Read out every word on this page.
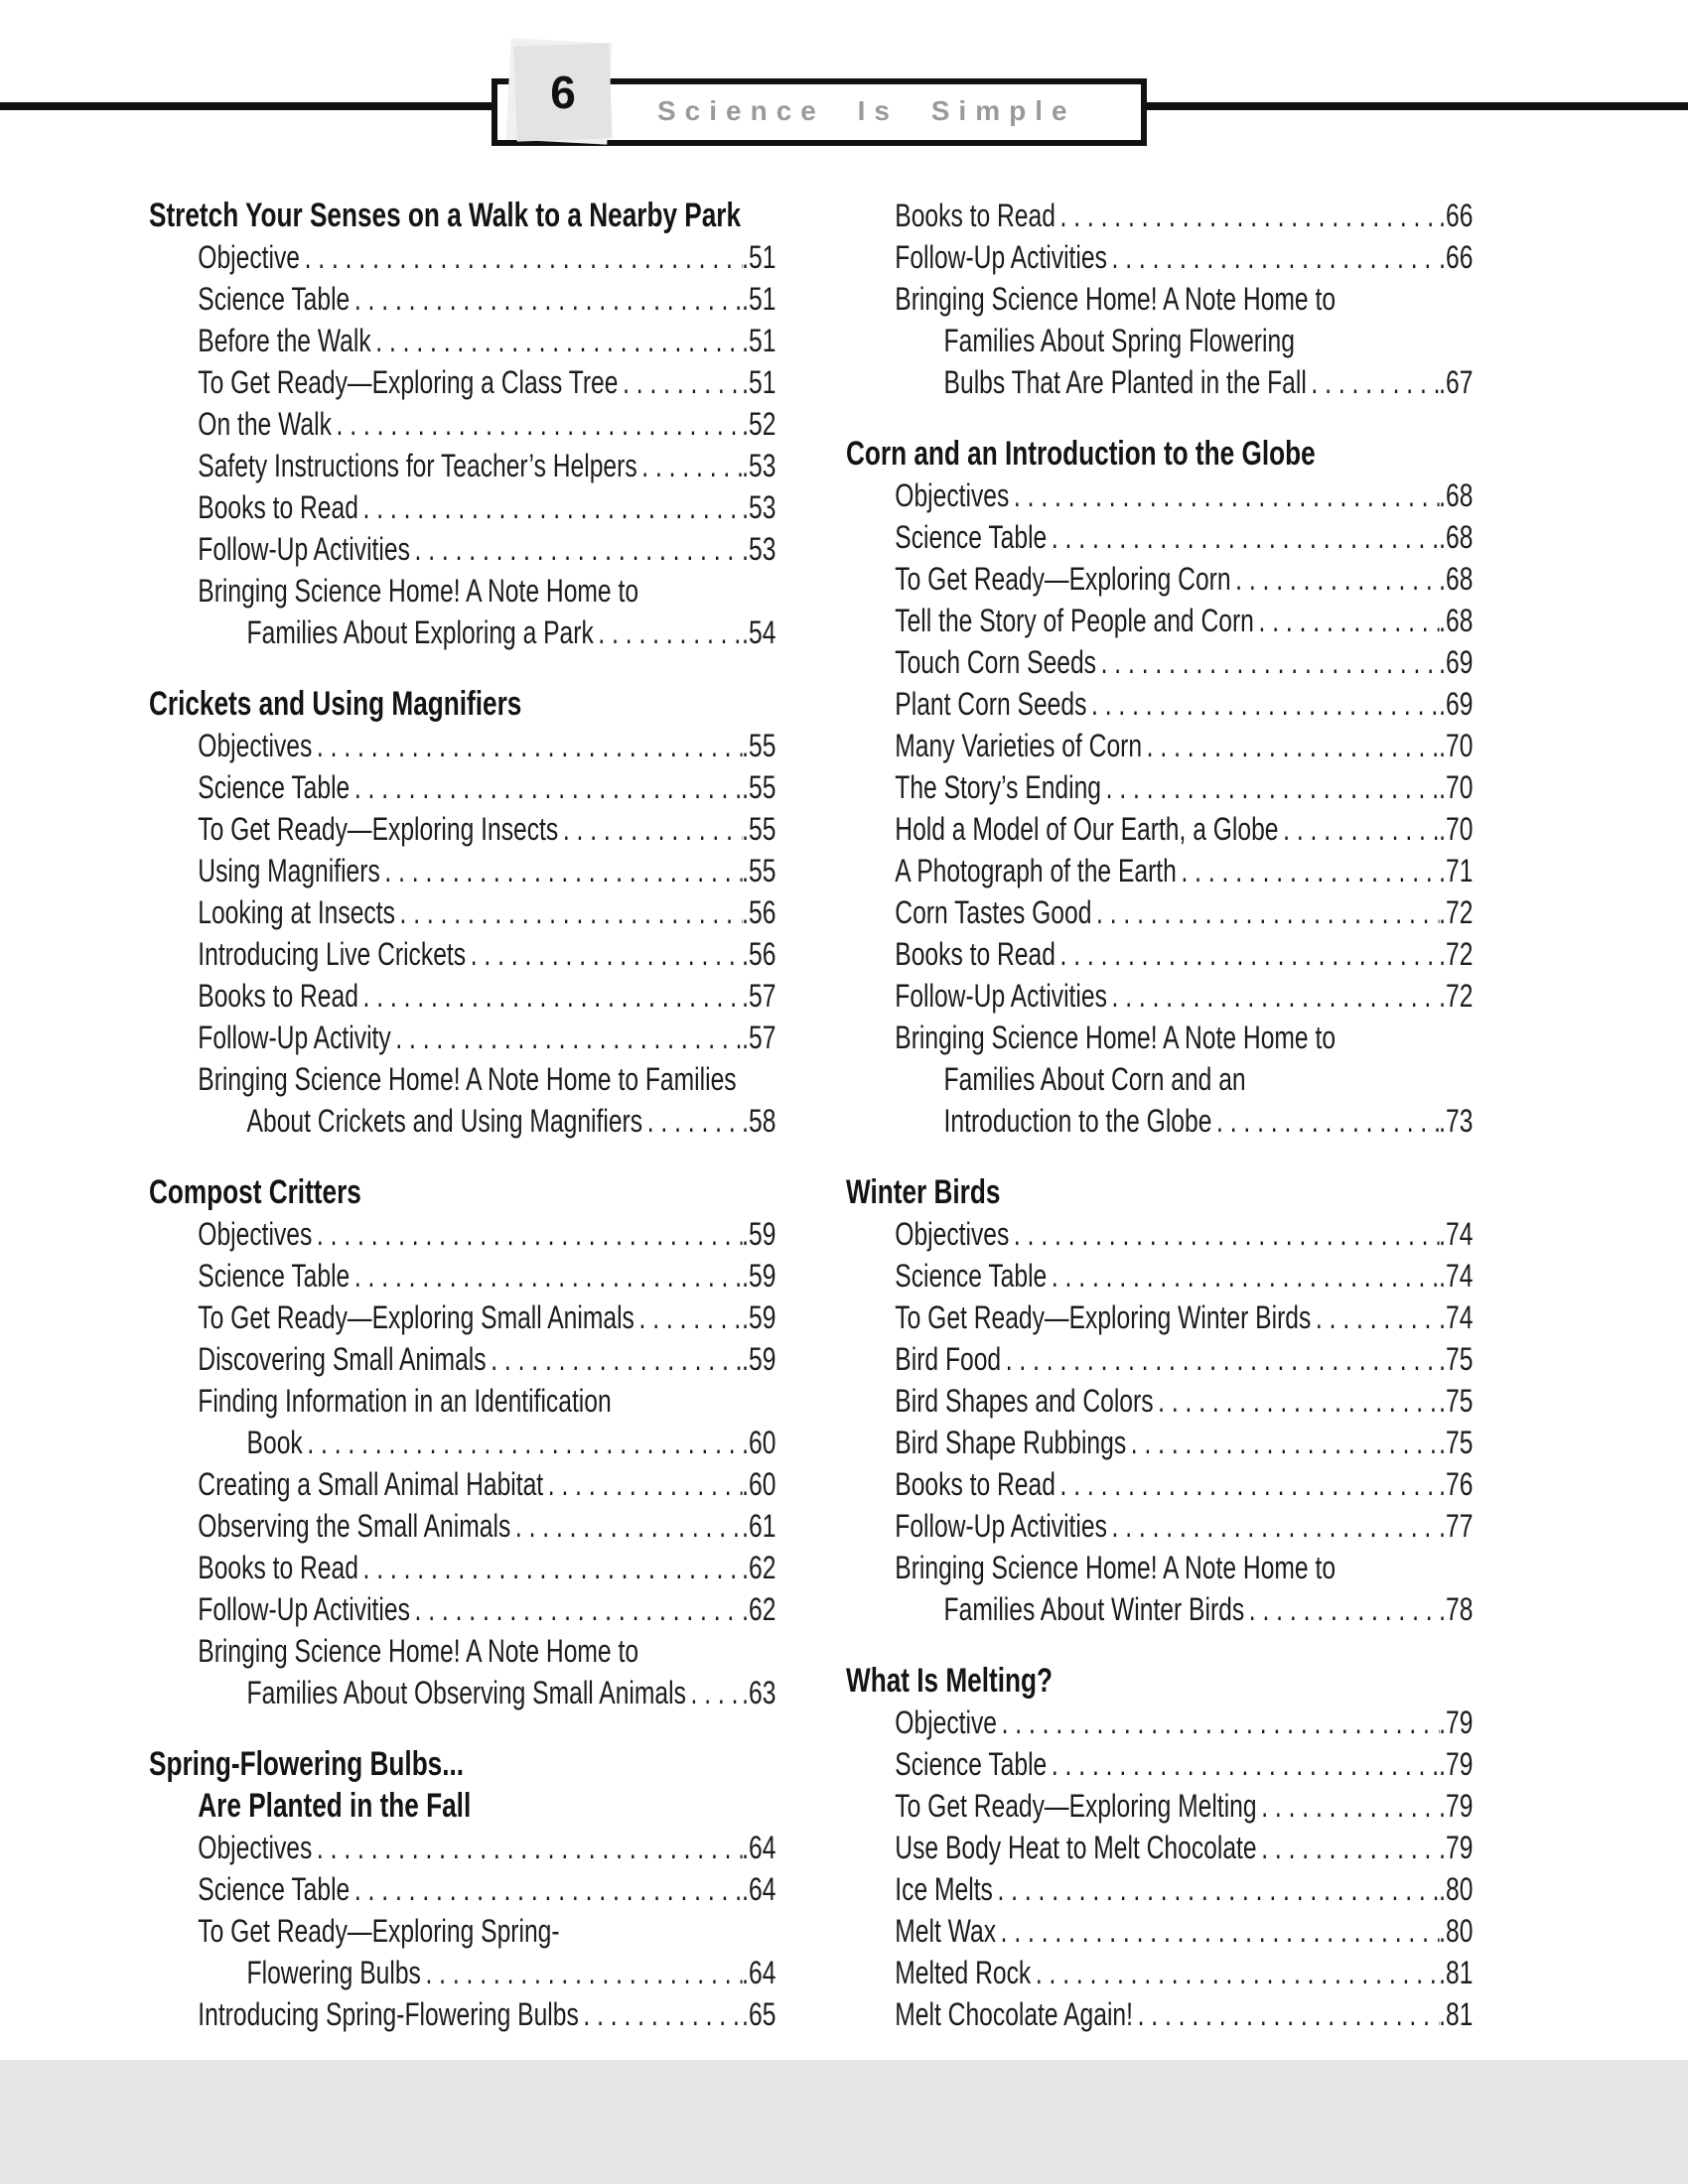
6	Science Is Simple
Stretch Your Senses on a Walk to a Nearby Park
Objective . . .	. 51
Science Table . . .	. 51
Before the Walk . . .	. 51
To Get Ready—Exploring a Class Tree . . .	. 51
On the Walk . . .	. 52
Safety Instructions for Teacher’s Helpers . . .	. 53
Books to Read . . .	. 53
Follow-Up Activities . . .	. 53
Bringing Science Home! A Note Home to
Families About Exploring a Park . . .	. 54
Crickets and Using Magnifiers
Objectives . . .	. 55
Science Table . . .	. 55
To Get Ready—Exploring Insects . . .	. 55
Using Magnifiers . . .	. 55
Looking at Insects . . .	. 56
Introducing Live Crickets . . .	. 56
Books to Read . . .	. 57
Follow-Up Activity . . .	. 57
Bringing Science Home! A Note Home to Families
About Crickets and Using Magnifiers . . .	. 58
Compost Critters
Objectives . . .	. 59
Science Table . . .	. 59
To Get Ready—Exploring Small Animals . . .	. 59
Discovering Small Animals . . .	. 59
Finding Information in an Identification
Book . . .	. 60
Creating a Small Animal Habitat . . .	. 60
Observing the Small Animals . . .	. 61
Books to Read . . .	. 62
Follow-Up Activities . . .	. 62
Bringing Science Home! A Note Home to
Families About Observing Small Animals . . . . 63
Spring-Flowering Bulbs...
Are Planted in the Fall
Objectives . . .	. 64
Science Table . . .	. 64
To Get Ready—Exploring Spring-
Flowering Bulbs . . .	. 64
Introducing Spring-Flowering Bulbs . . .	. 65
Books to Read . . .	. 66
Follow-Up Activities . . .	. 66
Bringing Science Home! A Note Home to
Families About Spring Flowering
Bulbs That Are Planted in the Fall . . .	. 67
Corn and an Introduction to the Globe
Objectives . . .	. 68
Science Table . . .	. 68
To Get Ready—Exploring Corn . . .	. 68
Tell the Story of People and Corn . . .	. 68
Touch Corn Seeds . . .	. 69
Plant Corn Seeds . . .	. 69
Many Varieties of Corn . . .	. 70
The Story’s Ending . . .	. 70
Hold a Model of Our Earth, a Globe . . .	. 70
A Photograph of the Earth . . .	. 71
Corn Tastes Good . . .	. 72
Books to Read . . .	. 72
Follow-Up Activities . . .	. 72
Bringing Science Home! A Note Home to
Families About Corn and an
Introduction to the Globe . . .	. 73
Winter Birds
Objectives . . .	. 74
Science Table . . .	. 74
To Get Ready—Exploring Winter Birds . . .	. 74
Bird Food . . .	. 75
Bird Shapes and Colors . . .	. 75
Bird Shape Rubbings . . .	. 75
Books to Read . . .	. 76
Follow-Up Activities . . .	. 77
Bringing Science Home! A Note Home to
Families About Winter Birds . . .	. 78
What Is Melting?
Objective . . .	. 79
Science Table . . .	. 79
To Get Ready—Exploring Melting . . .	. 79
Use Body Heat to Melt Chocolate . . .	. 79
Ice Melts . . .	. 80
Melt Wax . . .	. 80
Melted Rock . . .	. 81
Melt Chocolate Again! . . .	. 81
